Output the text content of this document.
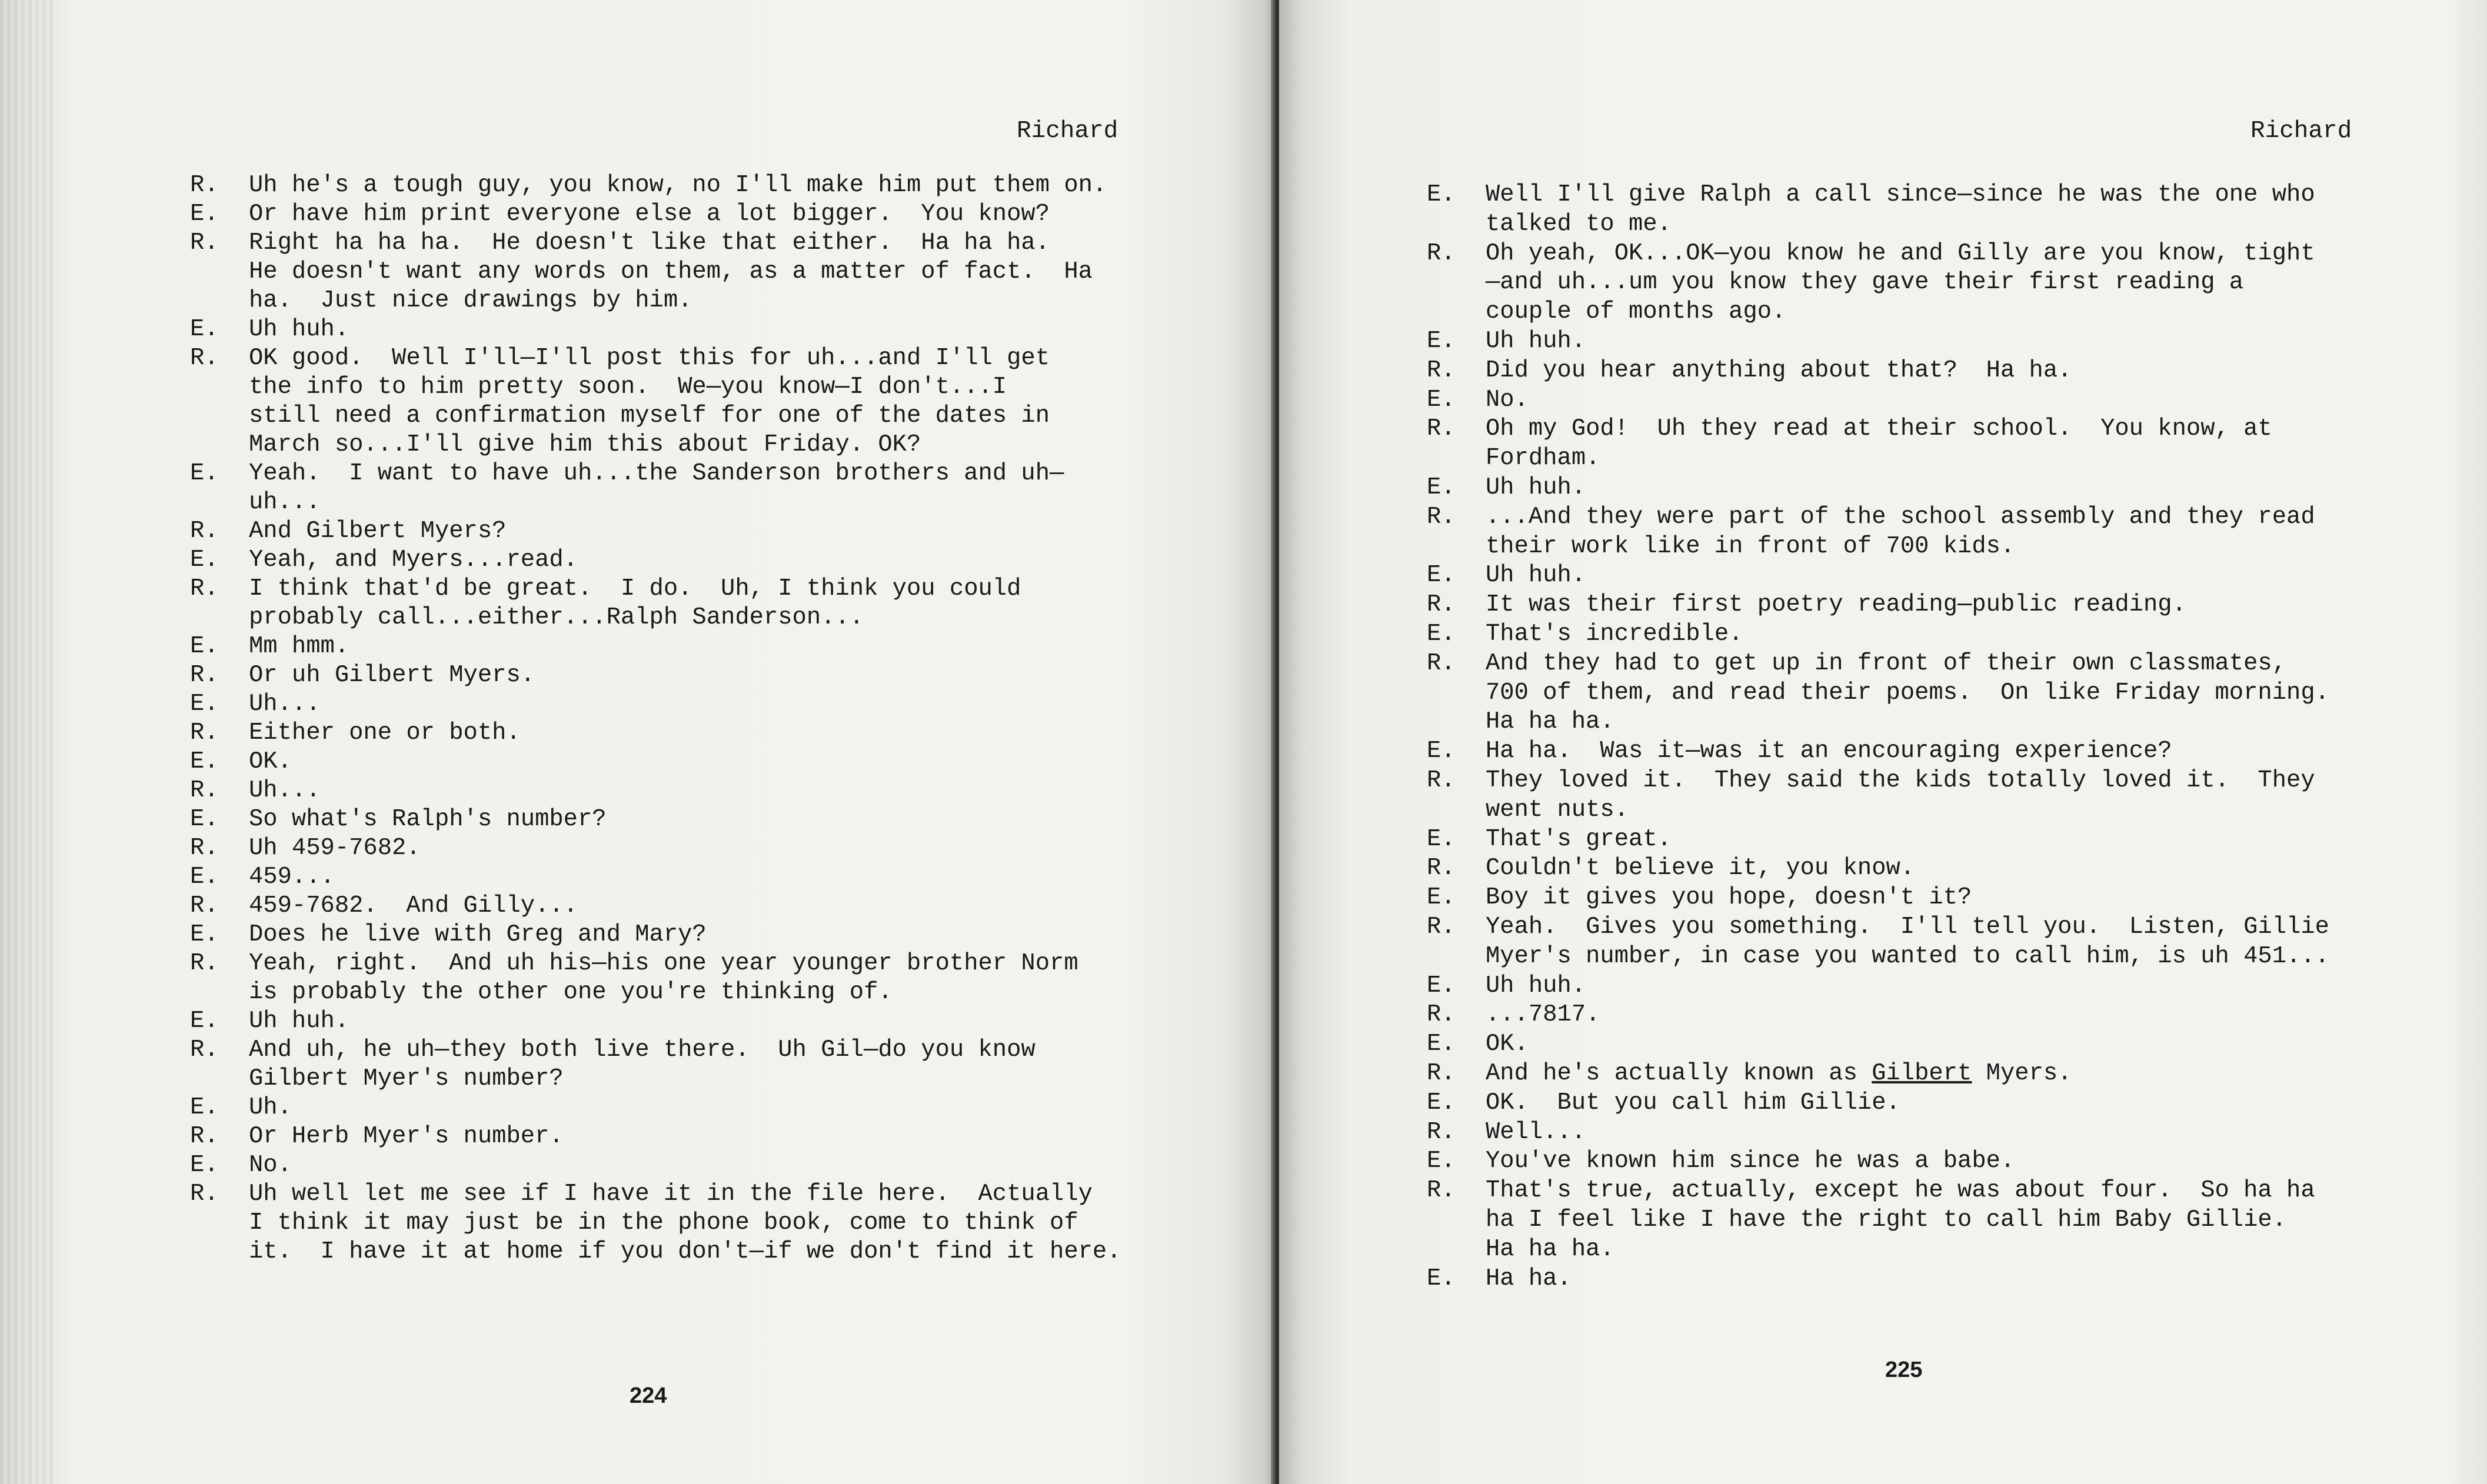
Richard
R. Uh he's a tough guy, you know, no I'll make him put them on.
E. Or have him print everyone else a lot bigger.  You know?
R. Right ha ha ha.  He doesn't like that either.  Ha ha ha.
He doesn't want any words on them, as a matter of fact.  Ha
ha.  Just nice drawings by him.
E. Uh huh.
R. OK good.  Well I'll—I'll post this for uh...and I'll get
the info to him pretty soon.  We—you know—I don't...I
still need a confirmation myself for one of the dates in
March so...I'll give him this about Friday. OK?
E. Yeah.  I want to have uh...the Sanderson brothers and uh—
uh...
R. And Gilbert Myers?
E. Yeah, and Myers...read.
R. I think that'd be great.  I do.  Uh, I think you could
probably call...either...Ralph Sanderson...
E. Mm hmm.
R. Or uh Gilbert Myers.
E. Uh...
R. Either one or both.
E. OK.
R. Uh...
E. So what's Ralph's number?
R. Uh 459-7682.
E. 459...
R. 459-7682.  And Gilly...
E. Does he live with Greg and Mary?
R. Yeah, right.  And uh his—his one year younger brother Norm
is probably the other one you're thinking of.
E. Uh huh.
R. And uh, he uh—they both live there.  Uh Gil—do you know
Gilbert Myer's number?
E. Uh.
R. Or Herb Myer's number.
E. No.
R. Uh well let me see if I have it in the file here.  Actually
I think it may just be in the phone book, come to think of
it.  I have it at home if you don't—if we don't find it here.
224
Richard
E. Well I'll give Ralph a call since—since he was the one who
talked to me.
R. Oh yeah, OK...OK—you know he and Gilly are you know, tight
—and uh...um you know they gave their first reading a
couple of months ago.
E. Uh huh.
R. Did you hear anything about that?  Ha ha.
E. No.
R. Oh my God!  Uh they read at their school.  You know, at
Fordham.
E. Uh huh.
R. ...And they were part of the school assembly and they read
their work like in front of 700 kids.
E. Uh huh.
R. It was their first poetry reading—public reading.
E. That's incredible.
R. And they had to get up in front of their own classmates,
700 of them, and read their poems.  On like Friday morning.
Ha ha ha.
E. Ha ha.  Was it—was it an encouraging experience?
R. They loved it.  They said the kids totally loved it.  They
went nuts.
E. That's great.
R. Couldn't believe it, you know.
E. Boy it gives you hope, doesn't it?
R. Yeah.  Gives you something.  I'll tell you.  Listen, Gillie
Myer's number, in case you wanted to call him, is uh 451...
E. Uh huh.
R. ...7817.
E. OK.
R. And he's actually known as Gilbert Myers.
E. OK.  But you call him Gillie.
R. Well...
E. You've known him since he was a babe.
R. That's true, actually, except he was about four.  So ha ha
ha I feel like I have the right to call him Baby Gillie.
Ha ha ha.
E. Ha ha.
225
